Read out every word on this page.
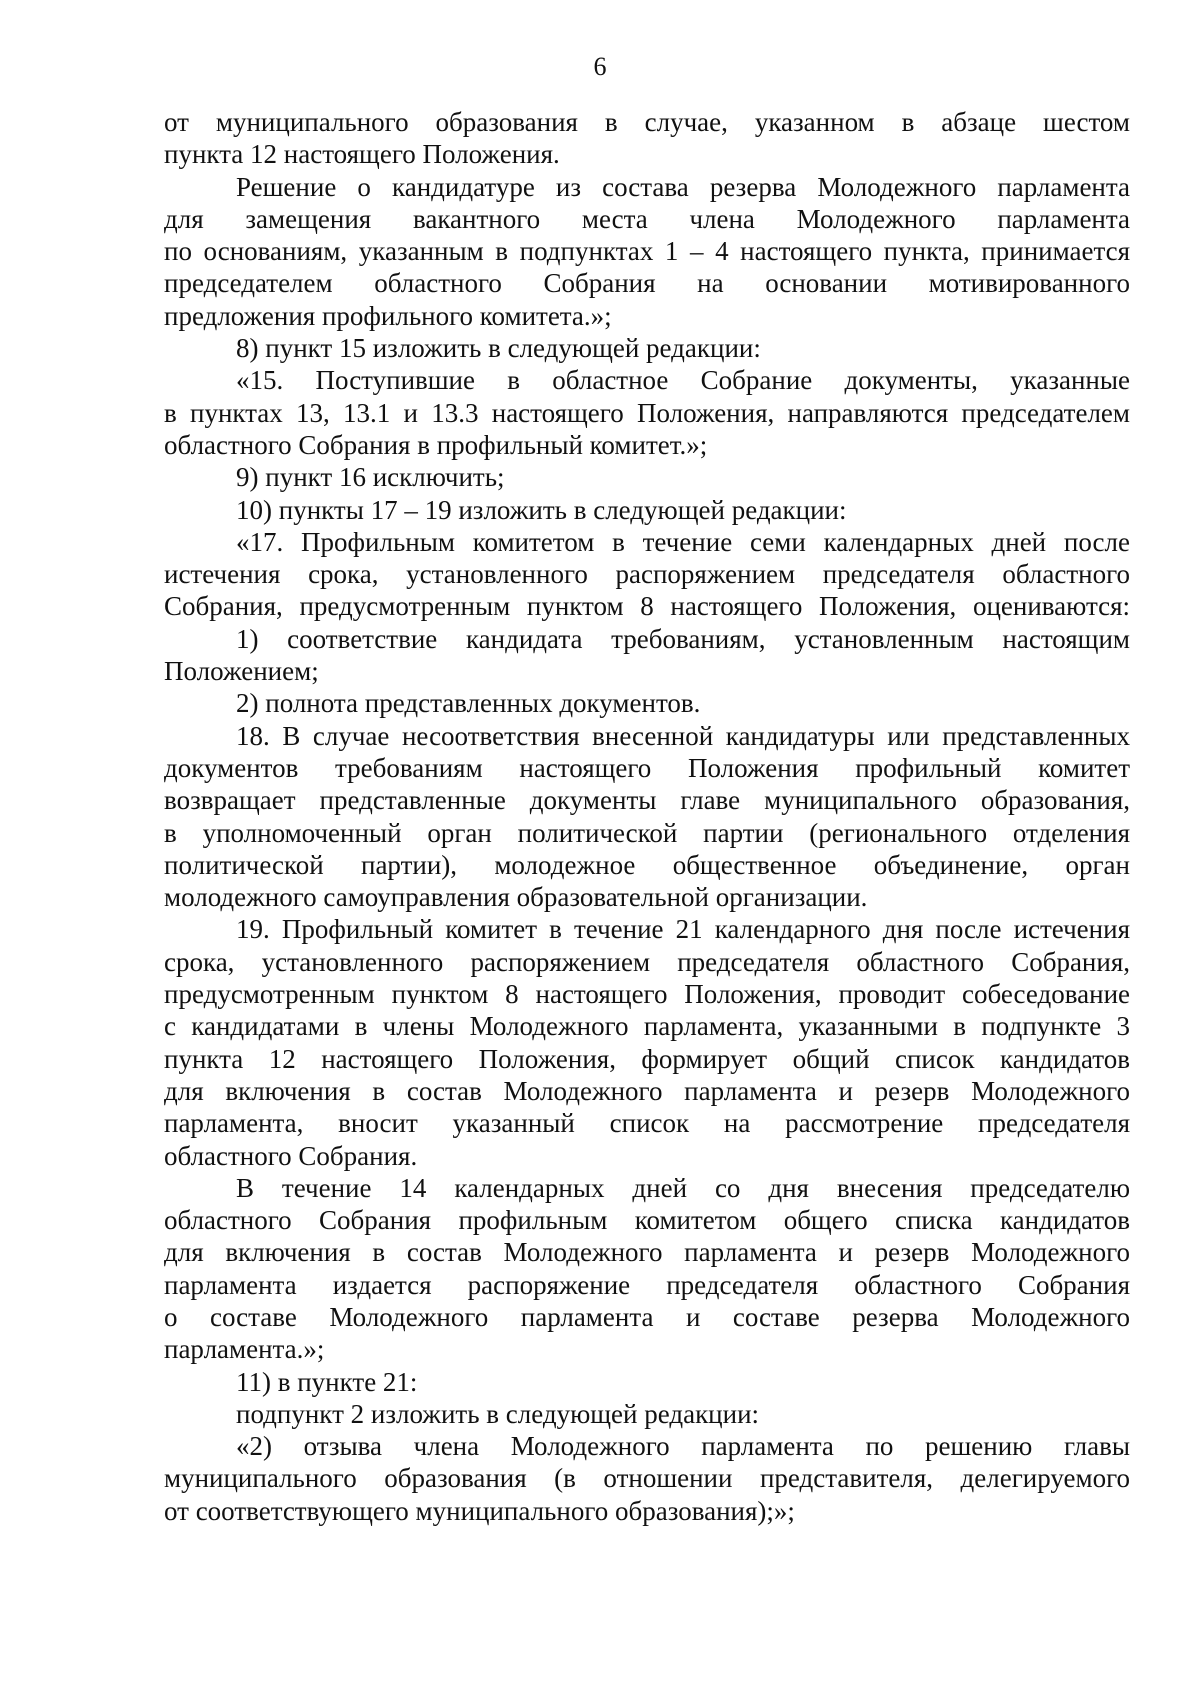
6
от муниципального образования в случае, указанном в абзаце шестом
пункта 12 настоящего Положения.
Решение о кандидатуре из состава резерва Молодежного парламента
для замещения вакантного места члена Молодежного парламента
по основаниям, указанным в подпунктах 1 – 4 настоящего пункта, принимается
председателем областного Собрания на основании мотивированного
предложения профильного комитета.»;
8) пункт 15 изложить в следующей редакции:
«15. Поступившие в областное Собрание документы, указанные
в пунктах 13, 13.1 и 13.3 настоящего Положения, направляются председателем
областного Собрания в профильный комитет.»;
9) пункт 16 исключить;
10) пункты 17 – 19 изложить в следующей редакции:
«17. Профильным комитетом в течение семи календарных дней после
истечения срока, установленного распоряжением председателя областного
Собрания, предусмотренным пунктом 8 настоящего Положения, оцениваются:
1) соответствие кандидата требованиям, установленным настоящим
Положением;
2) полнота представленных документов.
18. В случае несоответствия внесенной кандидатуры или представленных
документов требованиям настоящего Положения профильный комитет
возвращает представленные документы главе муниципального образования,
в уполномоченный орган политической партии (регионального отделения
политической партии), молодежное общественное объединение, орган
молодежного самоуправления образовательной организации.
19. Профильный комитет в течение 21 календарного дня после истечения
срока, установленного распоряжением председателя областного Собрания,
предусмотренным пунктом 8 настоящего Положения, проводит собеседование
с кандидатами в члены Молодежного парламента, указанными в подпункте 3
пункта 12 настоящего Положения, формирует общий список кандидатов
для включения в состав Молодежного парламента и резерв Молодежного
парламента, вносит указанный список на рассмотрение председателя
областного Собрания.
В течение 14 календарных дней со дня внесения председателю
областного Собрания профильным комитетом общего списка кандидатов
для включения в состав Молодежного парламента и резерв Молодежного
парламента издается распоряжение председателя областного Собрания
о составе Молодежного парламента и составе резерва Молодежного
парламента.»;
11) в пункте 21:
подпункт 2 изложить в следующей редакции:
«2) отзыва члена Молодежного парламента по решению главы
муниципального образования (в отношении представителя, делегируемого
от соответствующего муниципального образования);»;
